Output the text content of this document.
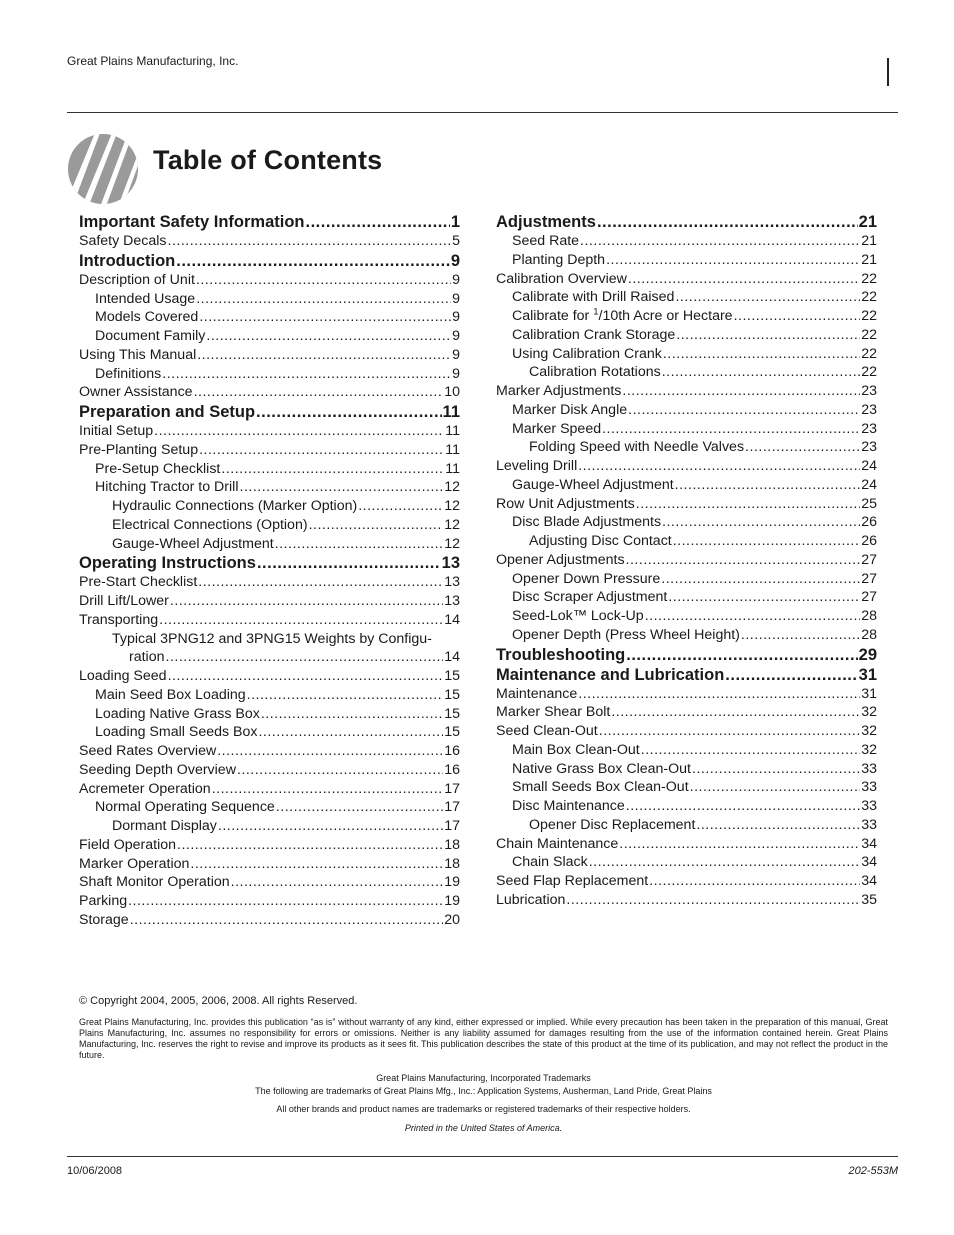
Great Plains Manufacturing, Inc.
Table of Contents
Important Safety Information .....	1
Safety Decals .....	5
Introduction .....	9
Description of Unit .....	9
Intended Usage .....	9
Models Covered .....	9
Document Family .....	9
Using This Manual .....	9
Definitions .....	9
Owner Assistance .....	10
Preparation and Setup .....	11
Initial Setup .....	11
Pre-Planting Setup .....	11
Pre-Setup Checklist .....	11
Hitching Tractor to Drill .....	12
Hydraulic Connections (Marker Option) .....	12
Electrical Connections (Option) .....	12
Gauge-Wheel Adjustment .....	12
Operating Instructions .....	13
Pre-Start Checklist .....	13
Drill Lift/Lower .....	13
Transporting .....	14
Typical 3PNG12 and 3PNG15 Weights by Configu-
ration .....	14
Loading Seed .....	15
Main Seed Box Loading .....	15
Loading Native Grass Box .....	15
Loading Small Seeds Box .....	15
Seed Rates Overview .....	16
Seeding Depth Overview .....	16
Acremeter Operation .....	17
Normal Operating Sequence .....	17
Dormant Display .....	17
Field Operation .....	18
Marker Operation .....	18
Shaft Monitor Operation .....	19
Parking .....	19
Storage .....	20
Adjustments .....	21
Seed Rate .....	21
Planting Depth .....	21
Calibration Overview .....	22
Calibrate with Drill Raised .....	22
Calibrate for $^1$/10th Acre or Hectare .....	22
Calibration Crank Storage .....	22
Using Calibration Crank .....	22
Calibration Rotations .....	22
Marker Adjustments .....	23
Marker Disk Angle .....	23
Marker Speed .....	23
Folding Speed with Needle Valves .....	23
Leveling Drill .....	24
Gauge-Wheel Adjustment .....	24
Row Unit Adjustments .....	25
Disc Blade Adjustments .....	26
Adjusting Disc Contact .....	26
Opener Adjustments .....	27
Opener Down Pressure .....	27
Disc Scraper Adjustment .....	27
Seed-Lok™ Lock-Up .....	28
Opener Depth (Press Wheel Height) .....	28
Troubleshooting .....	29
Maintenance and Lubrication .....	31
Maintenance .....	31
Marker Shear Bolt .....	32
Seed Clean-Out .....	32
Main Box Clean-Out .....	32
Native Grass Box Clean-Out .....	33
Small Seeds Box Clean-Out .....	33
Disc Maintenance .....	33
Opener Disc Replacement .....	33
Chain Maintenance .....	34
Chain Slack .....	34
Seed Flap Replacement .....	34
Lubrication .....	35
© Copyright 2004, 2005, 2006, 2008. All rights Reserved.
Great Plains Manufacturing, Inc. provides this publication “as is” without warranty of any kind, either expressed or implied. While every precaution has been taken in the preparation of this manual, Great Plains Manufacturing, Inc. assumes no responsibility for errors or omissions. Neither is any liability assumed for damages resulting from the use of the information contained herein. Great Plains Manufacturing, Inc. reserves the right to revise and improve its products as it sees fit. This publication describes the state of this product at the time of its publication, and may not reflect the product in the future.
Great Plains Manufacturing, Incorporated Trademarks
The following are trademarks of Great Plains Mfg., Inc.: Application Systems, Ausherman, Land Pride, Great Plains
All other brands and product names are trademarks or registered trademarks of their respective holders.
Printed in the United States of America.
10/06/2008	202-553M
